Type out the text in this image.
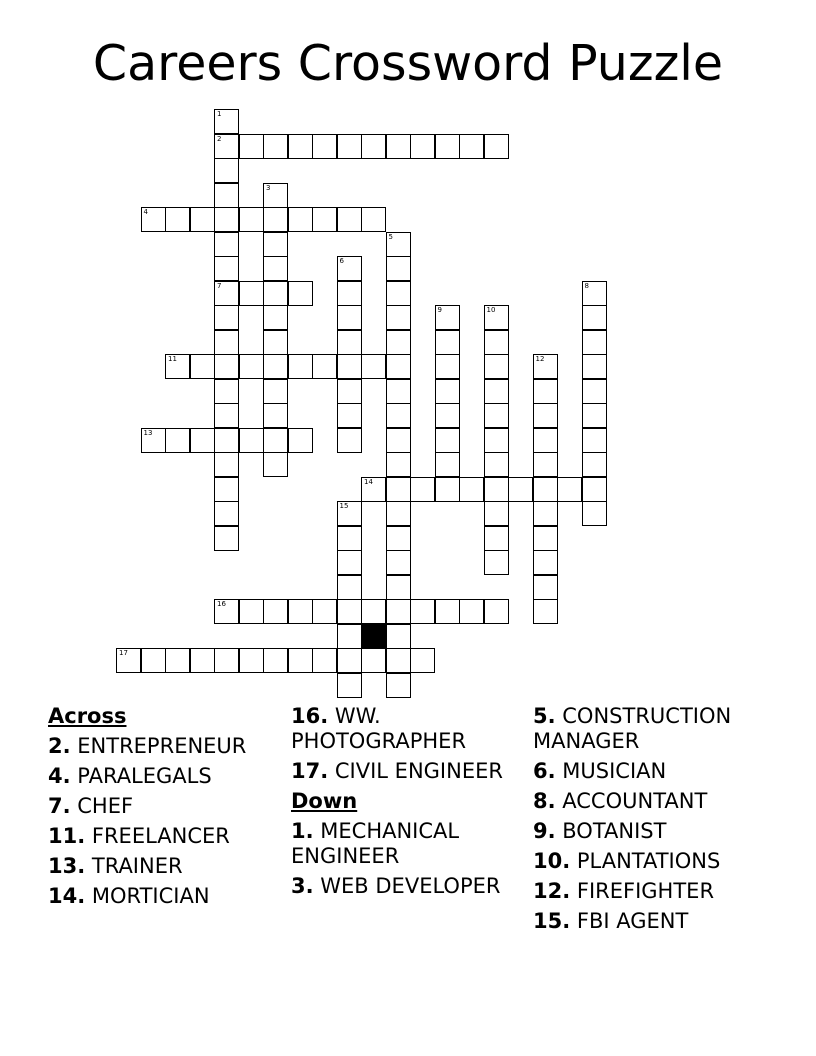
Careers Crossword Puzzle
1
2
7
3
4
5
6
8
9	10
11	12
13
14
15
16
17
Across
2. ENTREPRENEUR
4. PARALEGALS
7. CHEF
11. FREELANCER
13. TRAINER
14. MORTICIAN
16. WW. PHOTOGRAPHER
17. CIVIL ENGINEER
Down
1. MECHANICAL ENGINEER
3. WEB DEVELOPER
5. CONSTRUCTION MANAGER
6. MUSICIAN
8. ACCOUNTANT
9. BOTANIST
10. PLANTATIONS
12. FIREFIGHTER
15. FBI AGENT
